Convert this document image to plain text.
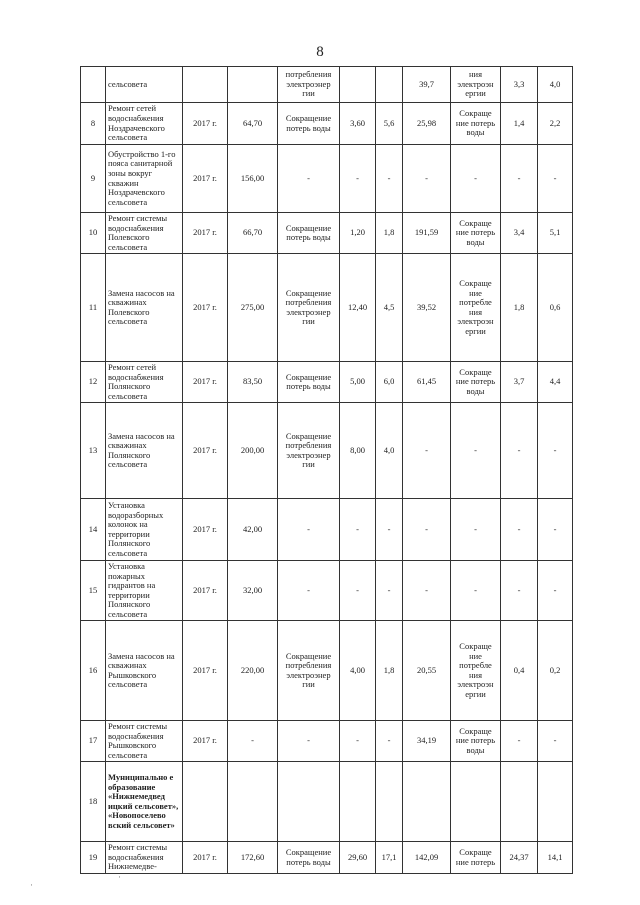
8
	сельсовета			потребления электроэнер гии			39,7	ния электроэн ергии	3,3	4,0
8	Ремонт сетей водоснабжения Ноздрачевского сельсовета	2017 г.	64,70	Сокращение потерь воды	3,60	5,6	25,98	Сокраще ние потерь воды	1,4	2,2
9	Обустройство 1-го пояса санитарной зоны вокруг скважин Ноздрачевского сельсовета	2017 г.	156,00	-	-	-	-	-	-	-
10	Ремонт системы водоснабжения Полевского сельсовета	2017 г.	66,70	Сокращение потерь воды	1,20	1,8	191,59	Сокраще ние потерь воды	3,4	5,1
11	Замена насосов на скважинах Полевского сельсовета	2017 г.	275,00	Сокращение потребления электроэнер гии	12,40	4,5	39,52	Сокраще ние потребле ния электроэн ергии	1,8	0,6
12	Ремонт сетей водоснабжения Полянского сельсовета	2017 г.	83,50	Сокращение потерь воды	5,00	6,0	61,45	Сокраще ние потерь воды	3,7	4,4
13	Замена насосов на скважинах Полянского сельсовета	2017 г.	200,00	Сокращение потребления электроэнер гии	8,00	4,0	-	-	-	-
14	Установка водоразборных колонок на территории Полянского сельсовета	2017 г.	42,00	-	-	-	-	-	-	-
15	Установка пожарных гидрантов на территории Полянского сельсовета	2017 г.	32,00	-	-	-	-	-	-	-
16	Замена насосов на скважинах Рышковского сельсовета	2017 г.	220,00	Сокращение потребления электроэнер гии	4,00	1,8	20,55	Сокраще ние потребле ния электроэн ергии	0,4	0,2
17	Ремонт системы водоснабжения Рышковского сельсовета	2017 г.	-	-	-	-	34,19	Сокраще ние потерь воды	-	-
18	Муниципально е образование «Нижнемедвед ицкий сельсовет», «Новопоселево вский сельсовет»									
19	Ремонт системы водоснабжения Нижнемедве-	2017 г.	172,60	Сокращение потерь воды	29,60	17,1	142,09	Сокраще ние потерь	24,37	14,1
·
·
